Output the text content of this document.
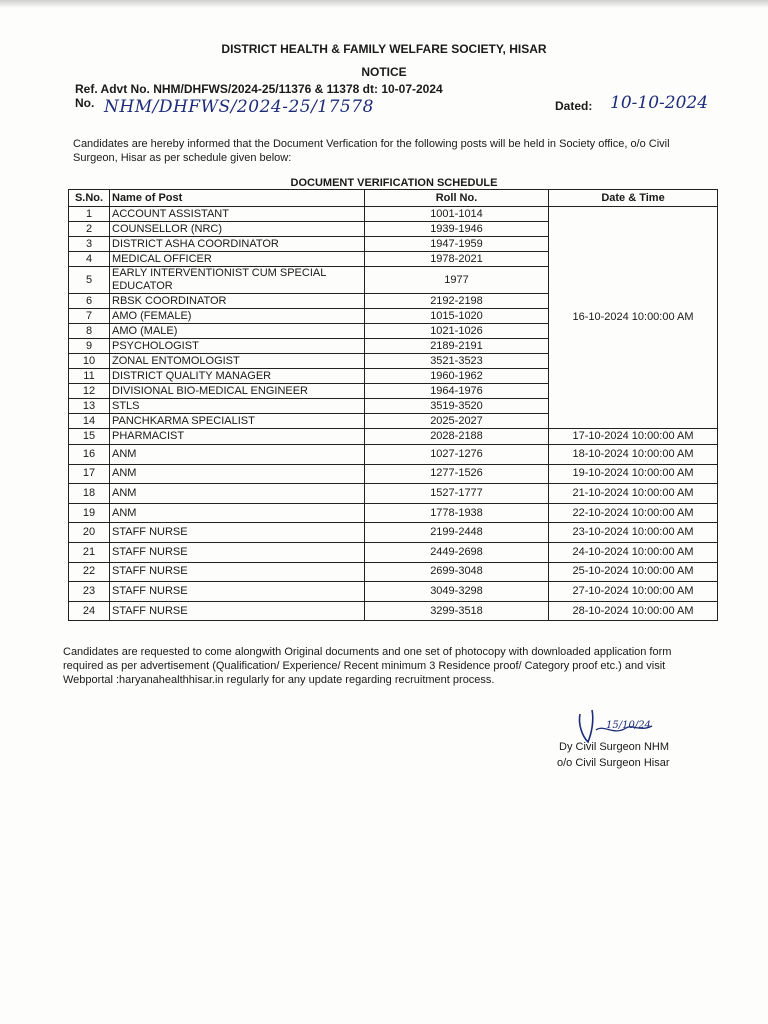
DISTRICT HEALTH & FAMILY WELFARE SOCIETY, HISAR
NOTICE
Ref. Advt No. NHM/DHFWS/2024-25/11376 & 11378 dt: 10-07-2024
No. NHM/DHFWS/2024-25/17578	Dated: 10-10-2024
Candidates are hereby informed that the Document Verfication for the following posts will be held in Society office, o/o Civil Surgeon, Hisar as per schedule given below:
DOCUMENT VERIFICATION SCHEDULE
S.No.	Name of Post	Roll No.	Date & Time
1	ACCOUNT ASSISTANT	1001-1014	16-10-2024 10:00:00 AM
2	COUNSELLOR (NRC)	1939-1946	
3	DISTRICT ASHA COORDINATOR	1947-1959	
4	MEDICAL OFFICER	1978-2021	
5	EARLY INTERVENTIONIST CUM SPECIAL EDUCATOR	1977	
6	RBSK COORDINATOR	2192-2198	
7	AMO (FEMALE)	1015-1020	
8	AMO (MALE)	1021-1026	
9	PSYCHOLOGIST	2189-2191	
10	ZONAL ENTOMOLOGIST	3521-3523	
11	DISTRICT QUALITY MANAGER	1960-1962	
12	DIVISIONAL BIO-MEDICAL ENGINEER	1964-1976	
13	STLS	3519-3520	
14	PANCHKARMA SPECIALIST	2025-2027	
15	PHARMACIST	2028-2188	17-10-2024 10:00:00 AM
16	ANM	1027-1276	18-10-2024 10:00:00 AM
17	ANM	1277-1526	19-10-2024 10:00:00 AM
18	ANM	1527-1777	21-10-2024 10:00:00 AM
19	ANM	1778-1938	22-10-2024 10:00:00 AM
20	STAFF NURSE	2199-2448	23-10-2024 10:00:00 AM
21	STAFF NURSE	2449-2698	24-10-2024 10:00:00 AM
22	STAFF NURSE	2699-3048	25-10-2024 10:00:00 AM
23	STAFF NURSE	3049-3298	27-10-2024 10:00:00 AM
24	STAFF NURSE	3299-3518	28-10-2024 10:00:00 AM
Candidates are requested to come alongwith Original documents and one set of photocopy with downloaded application form required as per advertisement (Qualification/ Experience/ Recent minimum 3 Residence proof/ Category proof etc.) and visit Webportal :haryanahealthhisar.in regularly for any update regarding recruitment process.
15/10/24
Dy Civil Surgeon NHM
o/o Civil Surgeon Hisar
